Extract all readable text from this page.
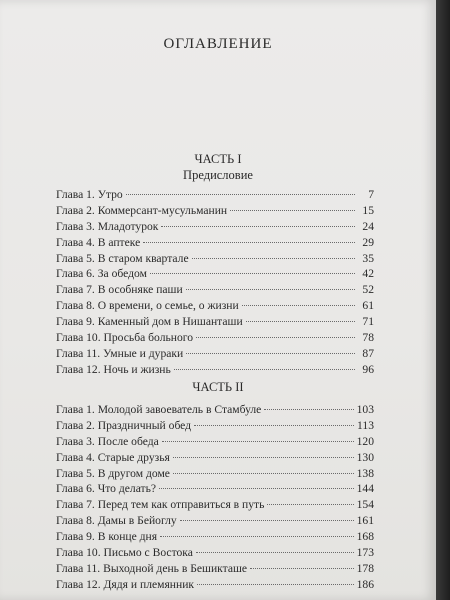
ОГЛАВЛЕНИЕ
ЧАСТЬ I
Предисловие
Глава 1. Утро	7
Глава 2. Коммерсант-мусульманин	15
Глава 3. Младотурок	24
Глава 4. В аптеке	29
Глава 5. В старом квартале	35
Глава 6. За обедом	42
Глава 7. В особняке паши	52
Глава 8. О времени, о семье, о жизни	61
Глава 9. Каменный дом в Нишанташи	71
Глава 10. Просьба больного	78
Глава 11. Умные и дураки	87
Глава 12. Ночь и жизнь	96
ЧАСТЬ II
Глава 1. Молодой завоеватель в Стамбуле	103
Глава 2. Праздничный обед	113
Глава 3. После обеда	120
Глава 4. Старые друзья	130
Глава 5. В другом доме	138
Глава 6. Что делать?	144
Глава 7. Перед тем как отправиться в путь	154
Глава 8. Дамы в Бейоглу	161
Глава 9. В конце дня	168
Глава 10. Письмо с Востока	173
Глава 11. Выходной день в Бешикташе	178
Глава 12. Дядя и племянник	186
